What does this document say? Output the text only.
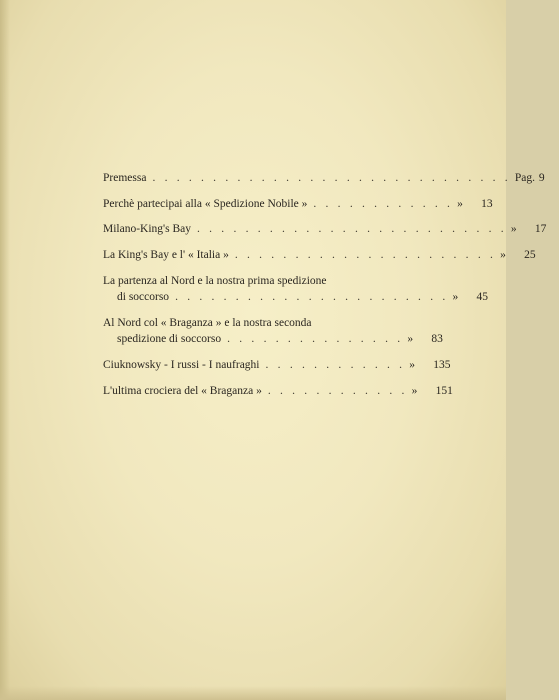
Premessa . . . . . . . . . . . . . . . . . . . . . . . . . . . . . . Pag. 9
Perchè partecipai alla « Spedizione Nobile » . . . . . . . . . . . . »	13
Milano-King's Bay . . . . . . . . . . . . . . . . . . . . . . . . . . »	17
La King's Bay e l' « Italia » . . . . . . . . . . . . . . . . . . . . . . »	25
La partenza al Nord e la nostra prima spedizione
di soccorso . . . . . . . . . . . . . . . . . . . . . . . »	45
Al Nord col « Braganza » e la nostra seconda
spedizione di soccorso . . . . . . . . . . . . . . . »	83
Ciuknowsky - I russi - I naufraghi . . . . . . . . . . . . »	135
L'ultima crociera del « Braganza » . . . . . . . . . . . . »	151
